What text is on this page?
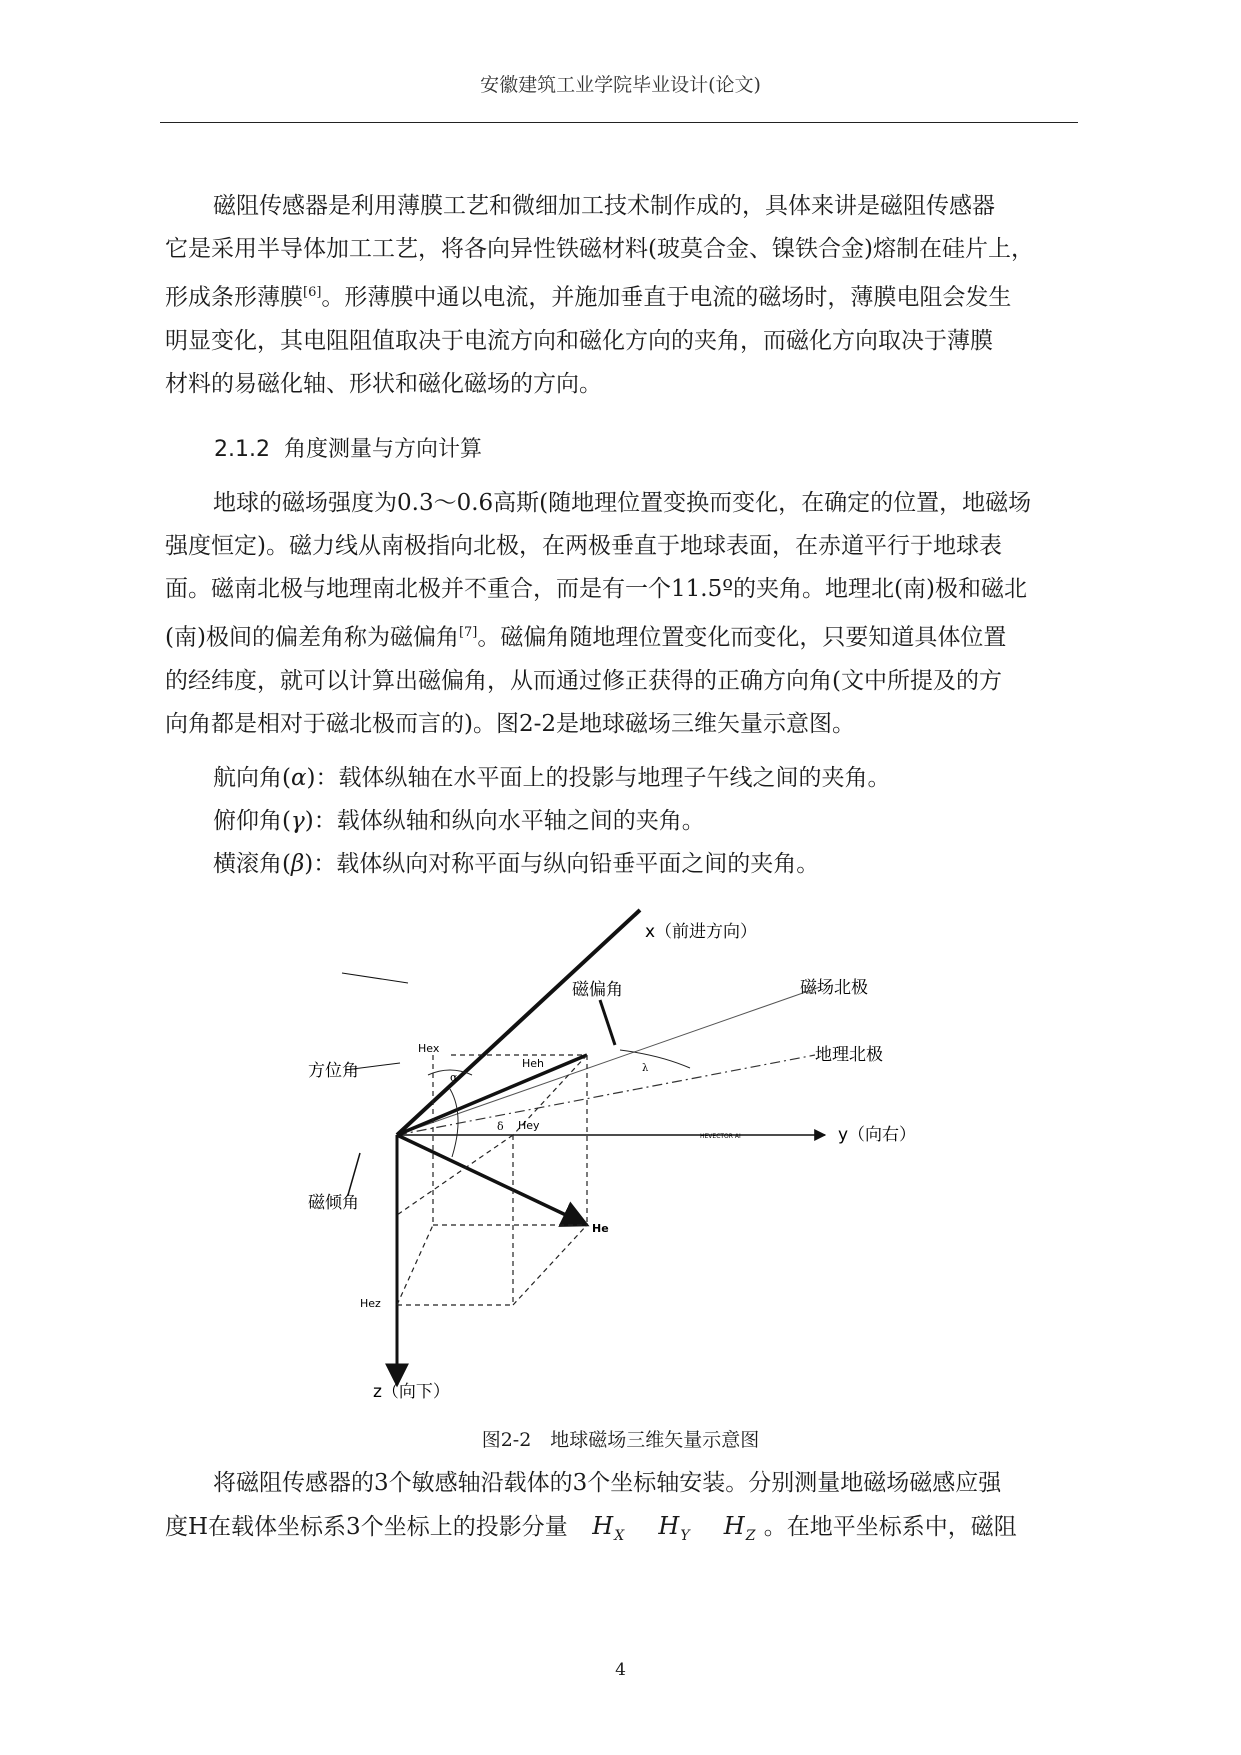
安徽建筑工业学院毕业设计(论文)
磁阻传感器是利用薄膜工艺和微细加工技术制作成的，具体来讲是磁阻传感器
它是采用半导体加工工艺，将各向异性铁磁材料(玻莫合金、镍铁合金)熔制在硅片上，
形成条形薄膜[6]。形薄膜中通以电流，并施加垂直于电流的磁场时，薄膜电阻会发生
明显变化，其电阻阻值取决于电流方向和磁化方向的夹角，而磁化方向取决于薄膜
材料的易磁化轴、形状和磁化磁场的方向。
2.1.2 角度测量与方向计算
地球的磁场强度为0.3～0.6高斯(随地理位置变换而变化，在确定的位置，地磁场
强度恒定)。磁力线从南极指向北极，在两极垂直于地球表面，在赤道平行于地球表
面。磁南北极与地理南北极并不重合，而是有一个11.5º的夹角。地理北(南)极和磁北
(南)极间的偏差角称为磁偏角[7]。磁偏角随地理位置变化而变化，只要知道具体位置
的经纬度，就可以计算出磁偏角，从而通过修正获得的正确方向角(文中所提及的方
向角都是相对于磁北极而言的)。图2-2是地球磁场三维矢量示意图。
航向角(α)：载体纵轴在水平面上的投影与地理子午线之间的夹角。
俯仰角(γ)：载体纵轴和纵向水平轴之间的夹角。
横滚角(β)：载体纵向对称平面与纵向铅垂平面之间的夹角。
x（前进方向）
y（向右）
z（向下）
磁偏角	磁场北极
地理北极
方位角
磁倾角
Hex
Heh
Hey
Hez
He
α
δ
λ
HEVECTOR AI
图2-2　地球磁场三维矢量示意图
将磁阻传感器的3个敏感轴沿载体的3个坐标轴安装。分别测量地磁场磁感应强
度H在载体坐标系3个坐标上的投影分量 $H_X$ $H_Y$ $H_Z$ 。在地平坐标系中，磁阻
4
